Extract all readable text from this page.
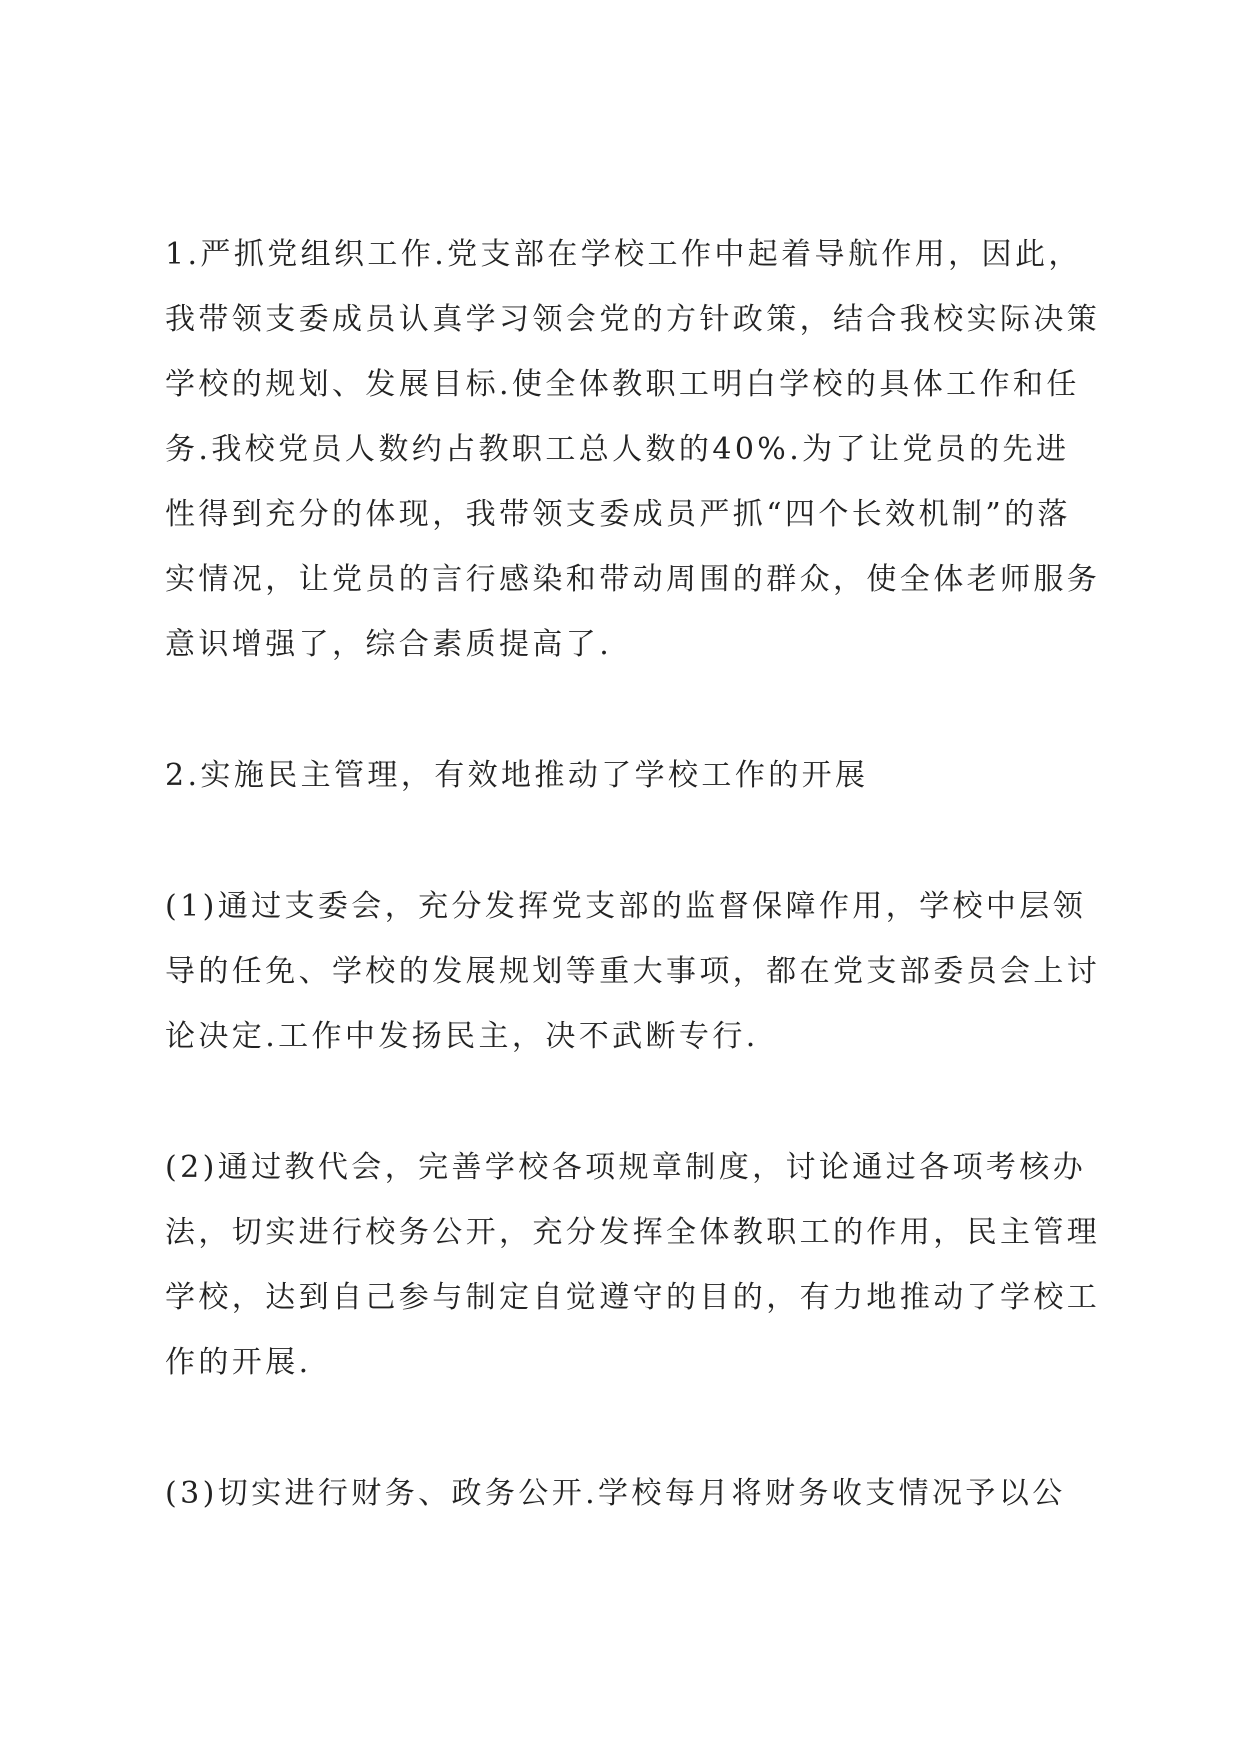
1.严抓党组织工作.党支部在学校工作中起着导航作用，因此，
我带领支委成员认真学习领会党的方针政策，结合我校实际决策
学校的规划、发展目标.使全体教职工明白学校的具体工作和任
务.我校党员人数约占教职工总人数的40%.为了让党员的先进
性得到充分的体现，我带领支委成员严抓“四个长效机制”的落
实情况，让党员的言行感染和带动周围的群众，使全体老师服务
意识增强了，综合素质提高了.
2.实施民主管理，有效地推动了学校工作的开展
(1)通过支委会，充分发挥党支部的监督保障作用，学校中层领
导的任免、学校的发展规划等重大事项，都在党支部委员会上讨
论决定.工作中发扬民主，决不武断专行.
(2)通过教代会，完善学校各项规章制度，讨论通过各项考核办
法，切实进行校务公开，充分发挥全体教职工的作用，民主管理
学校，达到自己参与制定自觉遵守的目的，有力地推动了学校工
作的开展.
(3)切实进行财务、政务公开.学校每月将财务收支情况予以公
